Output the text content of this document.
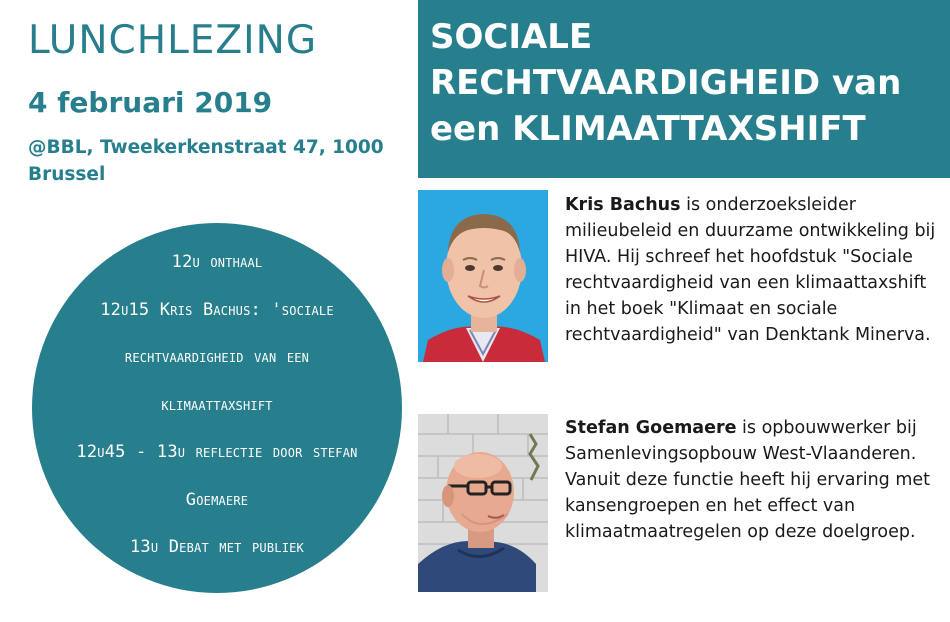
LUNCHLEZING
4 februari 2019

@BBL, Tweekerkenstraat 47, 1000 Brussel

12u onthaal
12u15 Kris Bachus: 'sociale
rechtvaardigheid van een
klimaattaxshift
12u45 - 13u reflectie door stefan
Goemaere
13u Debat met publiek
SOCIALE
RECHTVAARDIGHEID van
een KLIMAATTAXSHIFT

Kris Bachus is onderzoeksleider milieubeleid en duurzame ontwikkeling bij HIVA. Hij schreef het hoofdstuk "Sociale rechtvaardigheid van een klimaattaxshift in het boek "Klimaat en sociale rechtvaardigheid" van Denktank Minerva.

Stefan Goemaere is opbouwwerker bij Samenlevingsopbouw West-Vlaanderen. Vanuit deze functie heeft hij ervaring met kansengroepen en het effect van klimaatmaatregelen op deze doelgroep.
